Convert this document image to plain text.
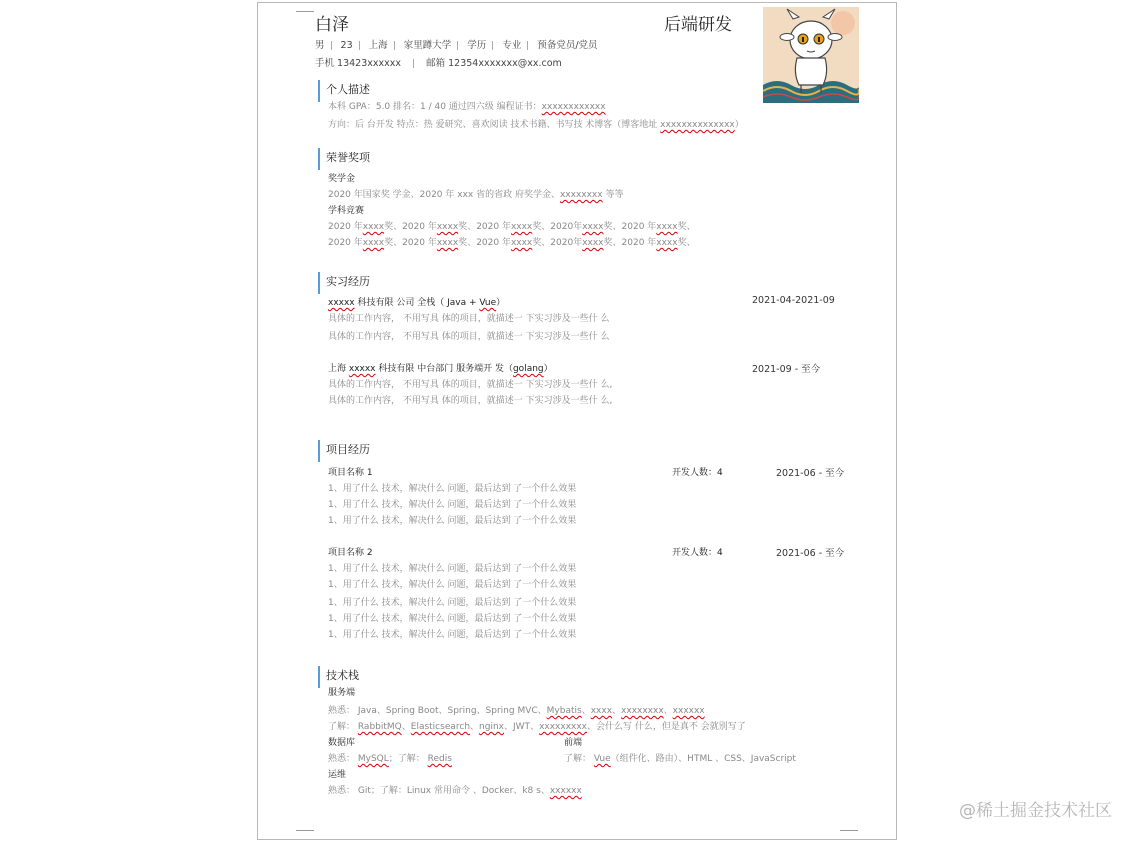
白泽	后端研发
男 23 上海 家里蹲大学 学历 专业 预备党员/党员
手机 13423xxxxxx	邮箱 12354xxxxxxx@xx.com
个人描述
本科 GPA：5.0 排名：1 / 40 通过四六级 编程证书：xxxxxxxxxxxx
方向：后 台开发 特点：热 爱研究、喜欢阅读 技术书籍、书写技 术博客（博客地址 xxxxxxxxxxxxxx）
荣誉奖项
奖学金
2020 年国家奖 学金、2020 年 xxx 省的省政 府奖学金、xxxxxxxx 等等
学科竞赛
2020 年xxxx奖、2020 年xxxx奖、2020 年xxxx奖、2020年xxxx奖、2020 年xxxx奖、
2020 年xxxx奖、2020 年xxxx奖、2020 年xxxx奖、2020年xxxx奖、2020 年xxxx奖、
实习经历
xxxxx 科技有限 公司 全栈（ Java + Vue）	2021-04-2021-09
具体的工作内容， 不用写具 体的项目，就描述一 下实习涉及一些什 么
具体的工作内容， 不用写具 体的项目，就描述一 下实习涉及一些什 么
上海 xxxxx 科技有限 中台部门 服务端开 发（golang）	2021-09 - 至今
具体的工作内容， 不用写具 体的项目，就描述一 下实习涉及一些什 么,
具体的工作内容， 不用写具 体的项目，就描述一 下实习涉及一些什 么,
项目经历
项目名称 1	开发人数：4	2021-06 - 至今
1、用了什么 技术，解决什么 问题，最后达到 了一个什么效果
1、用了什么 技术，解决什么 问题，最后达到 了一个什么效果
1、用了什么 技术，解决什么 问题，最后达到 了一个什么效果
项目名称 2	开发人数：4	2021-06 - 至今
1、用了什么 技术，解决什么 问题，最后达到 了一个什么效果
1、用了什么 技术，解决什么 问题，最后达到 了一个什么效果
1、用了什么 技术，解决什么 问题，最后达到 了一个什么效果
1、用了什么 技术，解决什么 问题，最后达到 了一个什么效果
1、用了什么 技术，解决什么 问题，最后达到 了一个什么效果
技术栈
服务端
熟悉： Java、Spring Boot、Spring、Spring MVC、Mybatis、xxxx、xxxxxxxx、xxxxxx
了解： RabbitMQ、Elasticsearch、nginx、JWT、xxxxxxxxx、会什么写 什么，但是真不 会就别写了
数据库	前端
熟悉： MySQL；了解： Redis	了解： Vue（组件化、路由）、HTML 、CSS、JavaScript
运维
熟悉： Git；了解：Linux 常用命令 、Docker、k8 s、xxxxxx
@稀土掘金技术社区
